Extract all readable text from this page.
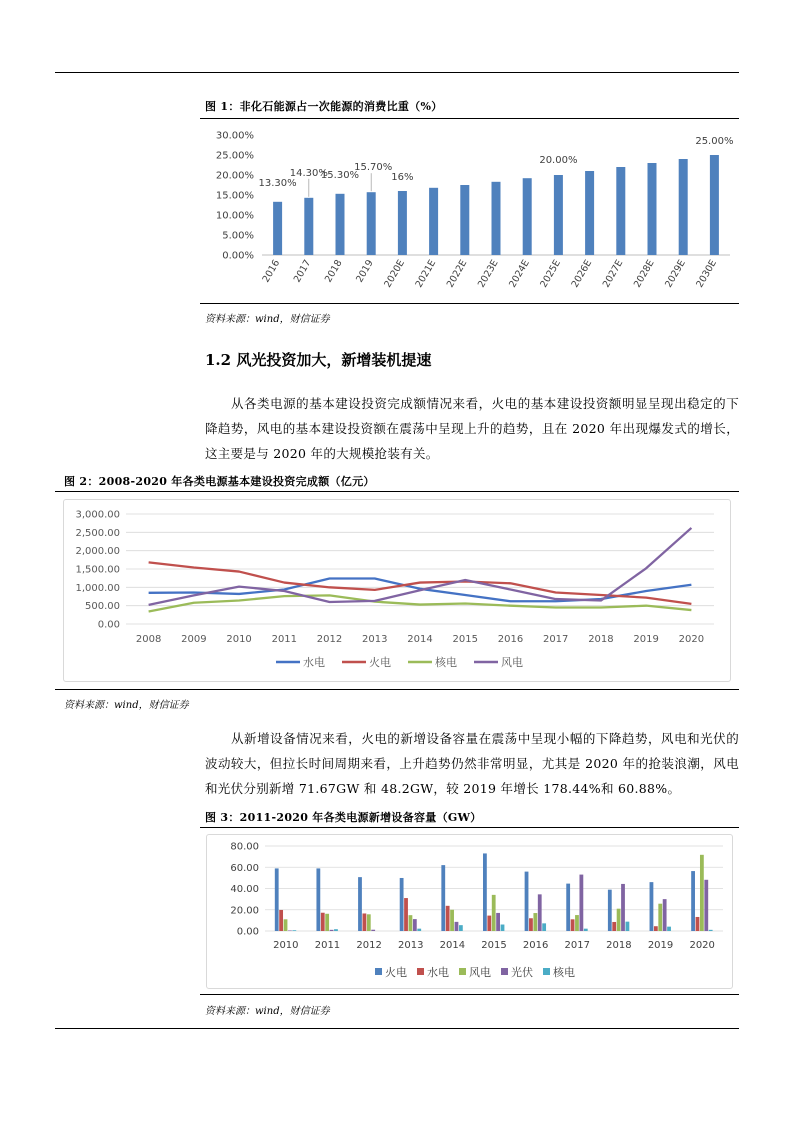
图 1：非化石能源占一次能源的消费比重（%）
0.00%
5.00%
10.00%
15.00%
20.00%
25.00%
30.00%
2016 2017 2018 2019 2020E 2021E 2022E 2023E 2024E 2025E 2026E 2027E 2028E 2029E 2030E
13.30%
14.30%
15.30%
15.70%
16%
20.00%
25.00%
资料来源：wind，财信证券
1.2 风光投资加大，新增装机提速

从各类电源的基本建设投资完成额情况来看，火电的基本建设投资额明显呈现出稳定的下降趋势，风电的基本建设投资额在震荡中呈现上升的趋势，且在 2020 年出现爆发式的增长，这主要是与 2020 年的大规模抢装有关。

图 2：2008-2020 年各类电源基本建设投资完成额（亿元）
0.00
500.00
1,000.00
1,500.00
2,000.00
2,500.00
3,000.00
2008 2009 2010 2011 2012 2013 2014 2015 2016 2017 2018 2019 2020
水电	火电	核电	风电
资料来源：wind，财信证券

从新增设备情况来看，火电的新增设备容量在震荡中呈现小幅的下降趋势，风电和光伏的波动较大，但拉长时间周期来看，上升趋势仍然非常明显，尤其是 2020 年的抢装浪潮，风电和光伏分别新增 71.67GW 和 48.2GW，较 2019 年增长 178.44%和 60.88%。

图 3：2011-2020 年各类电源新增设备容量（GW）
0.00
20.00
40.00
60.00
80.00
2010 2011 2012 2013 2014 2015 2016 2017 2018 2019 2020
火电 水电 风电 光伏 核电
资料来源：wind，财信证券
